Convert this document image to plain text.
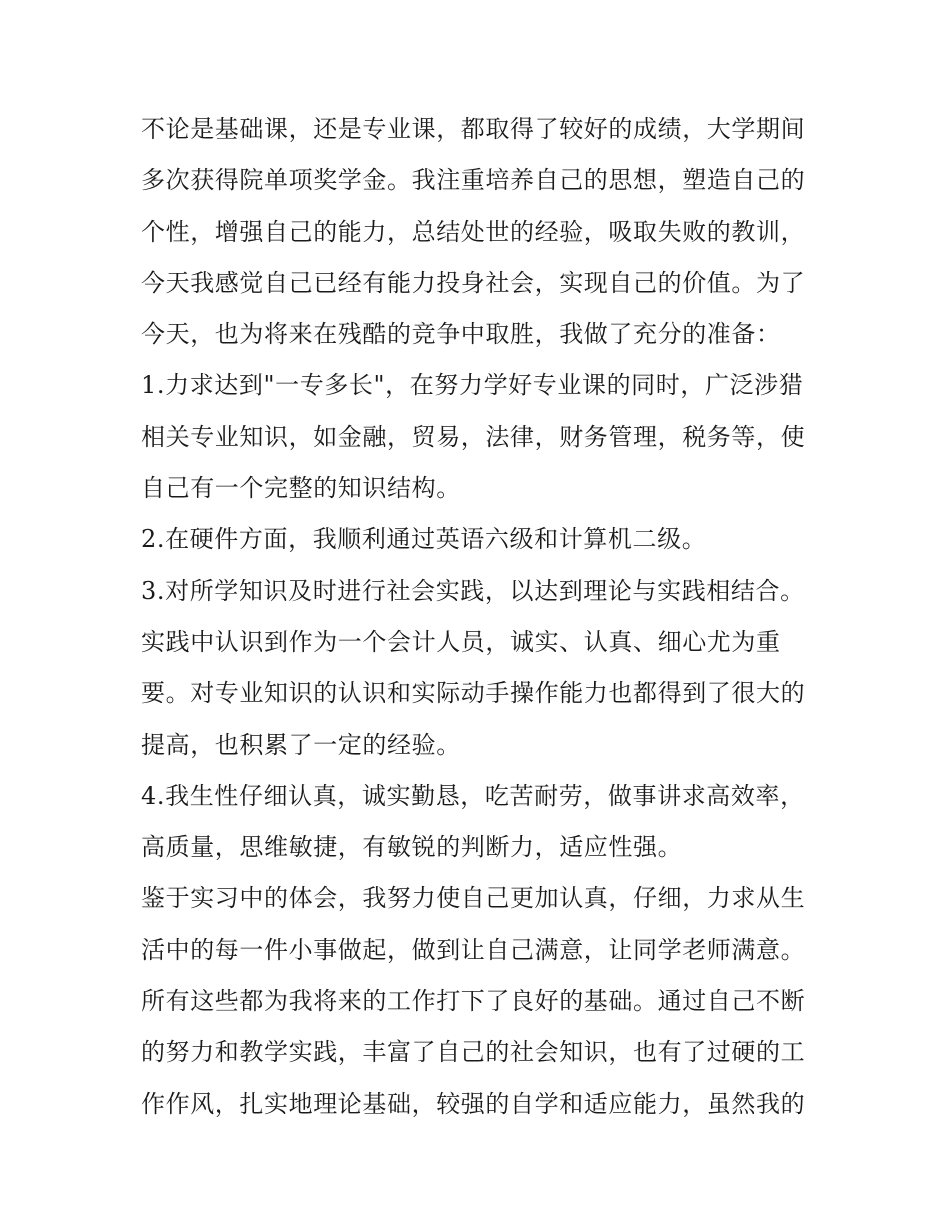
不论是基础课，还是专业课，都取得了较好的成绩，大学期间
多次获得院单项奖学金。我注重培养自己的思想，塑造自己的
个性，增强自己的能力，总结处世的经验，吸取失败的教训，
今天我感觉自己已经有能力投身社会，实现自己的价值。为了
今天，也为将来在残酷的竞争中取胜，我做了充分的准备：
1.力求达到"一专多长"，在努力学好专业课的同时，广泛涉猎
相关专业知识，如金融，贸易，法律，财务管理，税务等，使
自己有一个完整的知识结构。
2.在硬件方面，我顺利通过英语六级和计算机二级。
3.对所学知识及时进行社会实践，以达到理论与实践相结合。
实践中认识到作为一个会计人员，诚实、认真、细心尤为重
要。对专业知识的认识和实际动手操作能力也都得到了很大的
提高，也积累了一定的经验。
4.我生性仔细认真，诚实勤恳，吃苦耐劳，做事讲求高效率，
高质量，思维敏捷，有敏锐的判断力，适应性强。
鉴于实习中的体会，我努力使自己更加认真，仔细，力求从生
活中的每一件小事做起，做到让自己满意，让同学老师满意。
所有这些都为我将来的工作打下了良好的基础。通过自己不断
的努力和教学实践，丰富了自己的社会知识，也有了过硬的工
作作风，扎实地理论基础，较强的自学和适应能力，虽然我的
